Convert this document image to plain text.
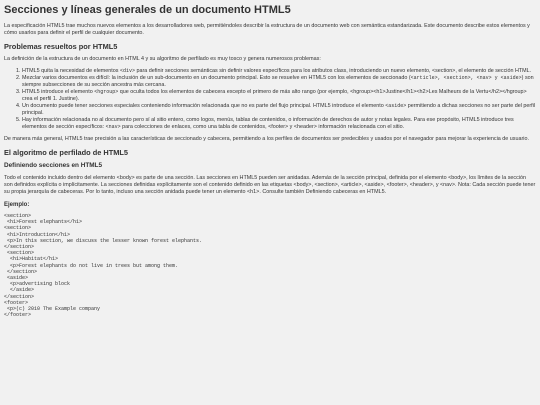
Secciones y líneas generales de un documento HTML5

La especificación HTML5 trae muchos nuevos elementos a los desarrolladores web, permitiéndoles describir la estructura de un documento web con semántica estandarizada. Este documento describe estos elementos y cómo usarlos para definir el perfil de cualquier documento.

Problemas resueltos por HTML5

La definición de la estructura de un documento en HTML 4 y su algoritmo de perfilado es muy tosco y genera numerosos problemas:

1. HTML5 quita la necesidad de elementos <div> para definir secciones semánticas sin definir valores específicos para los atributos class, introduciendo un nuevo elemento, <section>, el elemento de sección HTML.
2. Mezclar varios documentos es difícil: la inclusión de un sub-documento en un documento principal. Esto se resuelve en HTML5 con los elementos de seccionado (<article>, <section>, <nav> y <aside>) son siempre subsecciones de su sección ancestra más cercana.
3. HTML5 introduce el elemento <hgroup> que oculta todos los elementos de cabecera excepto el primero de más alto rango (por ejemplo, <hgroup><h1>Justine</h1><h2>Les Malheurs de la Vertu</h2></hgroup> crea el perfil 1. Justine).
4. Un documento puede tener secciones especiales conteniendo información relacionada que no es parte del flujo principal. HTML5 introduce el elemento <aside> permitiendo a dichas secciones no ser parte del perfil principal.
5. Hay información relacionada no al documento pero sí al sitio entero, como logos, menús, tablas de contenidos, o información de derechos de autor y notas legales. Para ese propósito, HTML5 introduce tres elementos de sección específicos: <nav> para colecciones de enlaces, como una tabla de contenidos, <footer> y <header> información relacionada con el sitio.

De manera más general, HTML5 trae precisión a las características de seccionado y cabecera, permitiendo a los perfiles de documentos ser predecibles y usados por el navegador para mejorar la experiencia de usuario.

El algoritmo de perfilado de HTML5
Definiendo secciones en HTML5

Todo el contenido incluido dentro del elemento <body> es parte de una sección. Las secciones en HTML5 pueden ser anidadas. Además de la sección principal, definida por el elemento <body>, los límites de la sección son definidos explícita o implícitamente. La secciones definidas explícitamente son el contenido definido en las etiquetas <body>, <section>, <article>, <aside>, <footer>, <header>, y <nav>. Nota: Cada sección puede tener su propia jerarquía de cabeceras. Por lo tanto, incluso una sección anidada puede tener un elemento <h1>. Consulte también Definiendo cabeceras en HTML5.

Ejemplo:
<section>
<h1>Forest elephants</h1>
<section>
<h1>Introduction</h1>
<p>In this section, we discuss the lesser known forest elephants.
</section>
<section>
<h1>Habitat</h1>
<p>Forest elephants do not live in trees but among them.
</section>
<aside>
<p>advertising block
</aside>
</section>
<footer>
<p>(c) 2010 The Example company
</footer>
